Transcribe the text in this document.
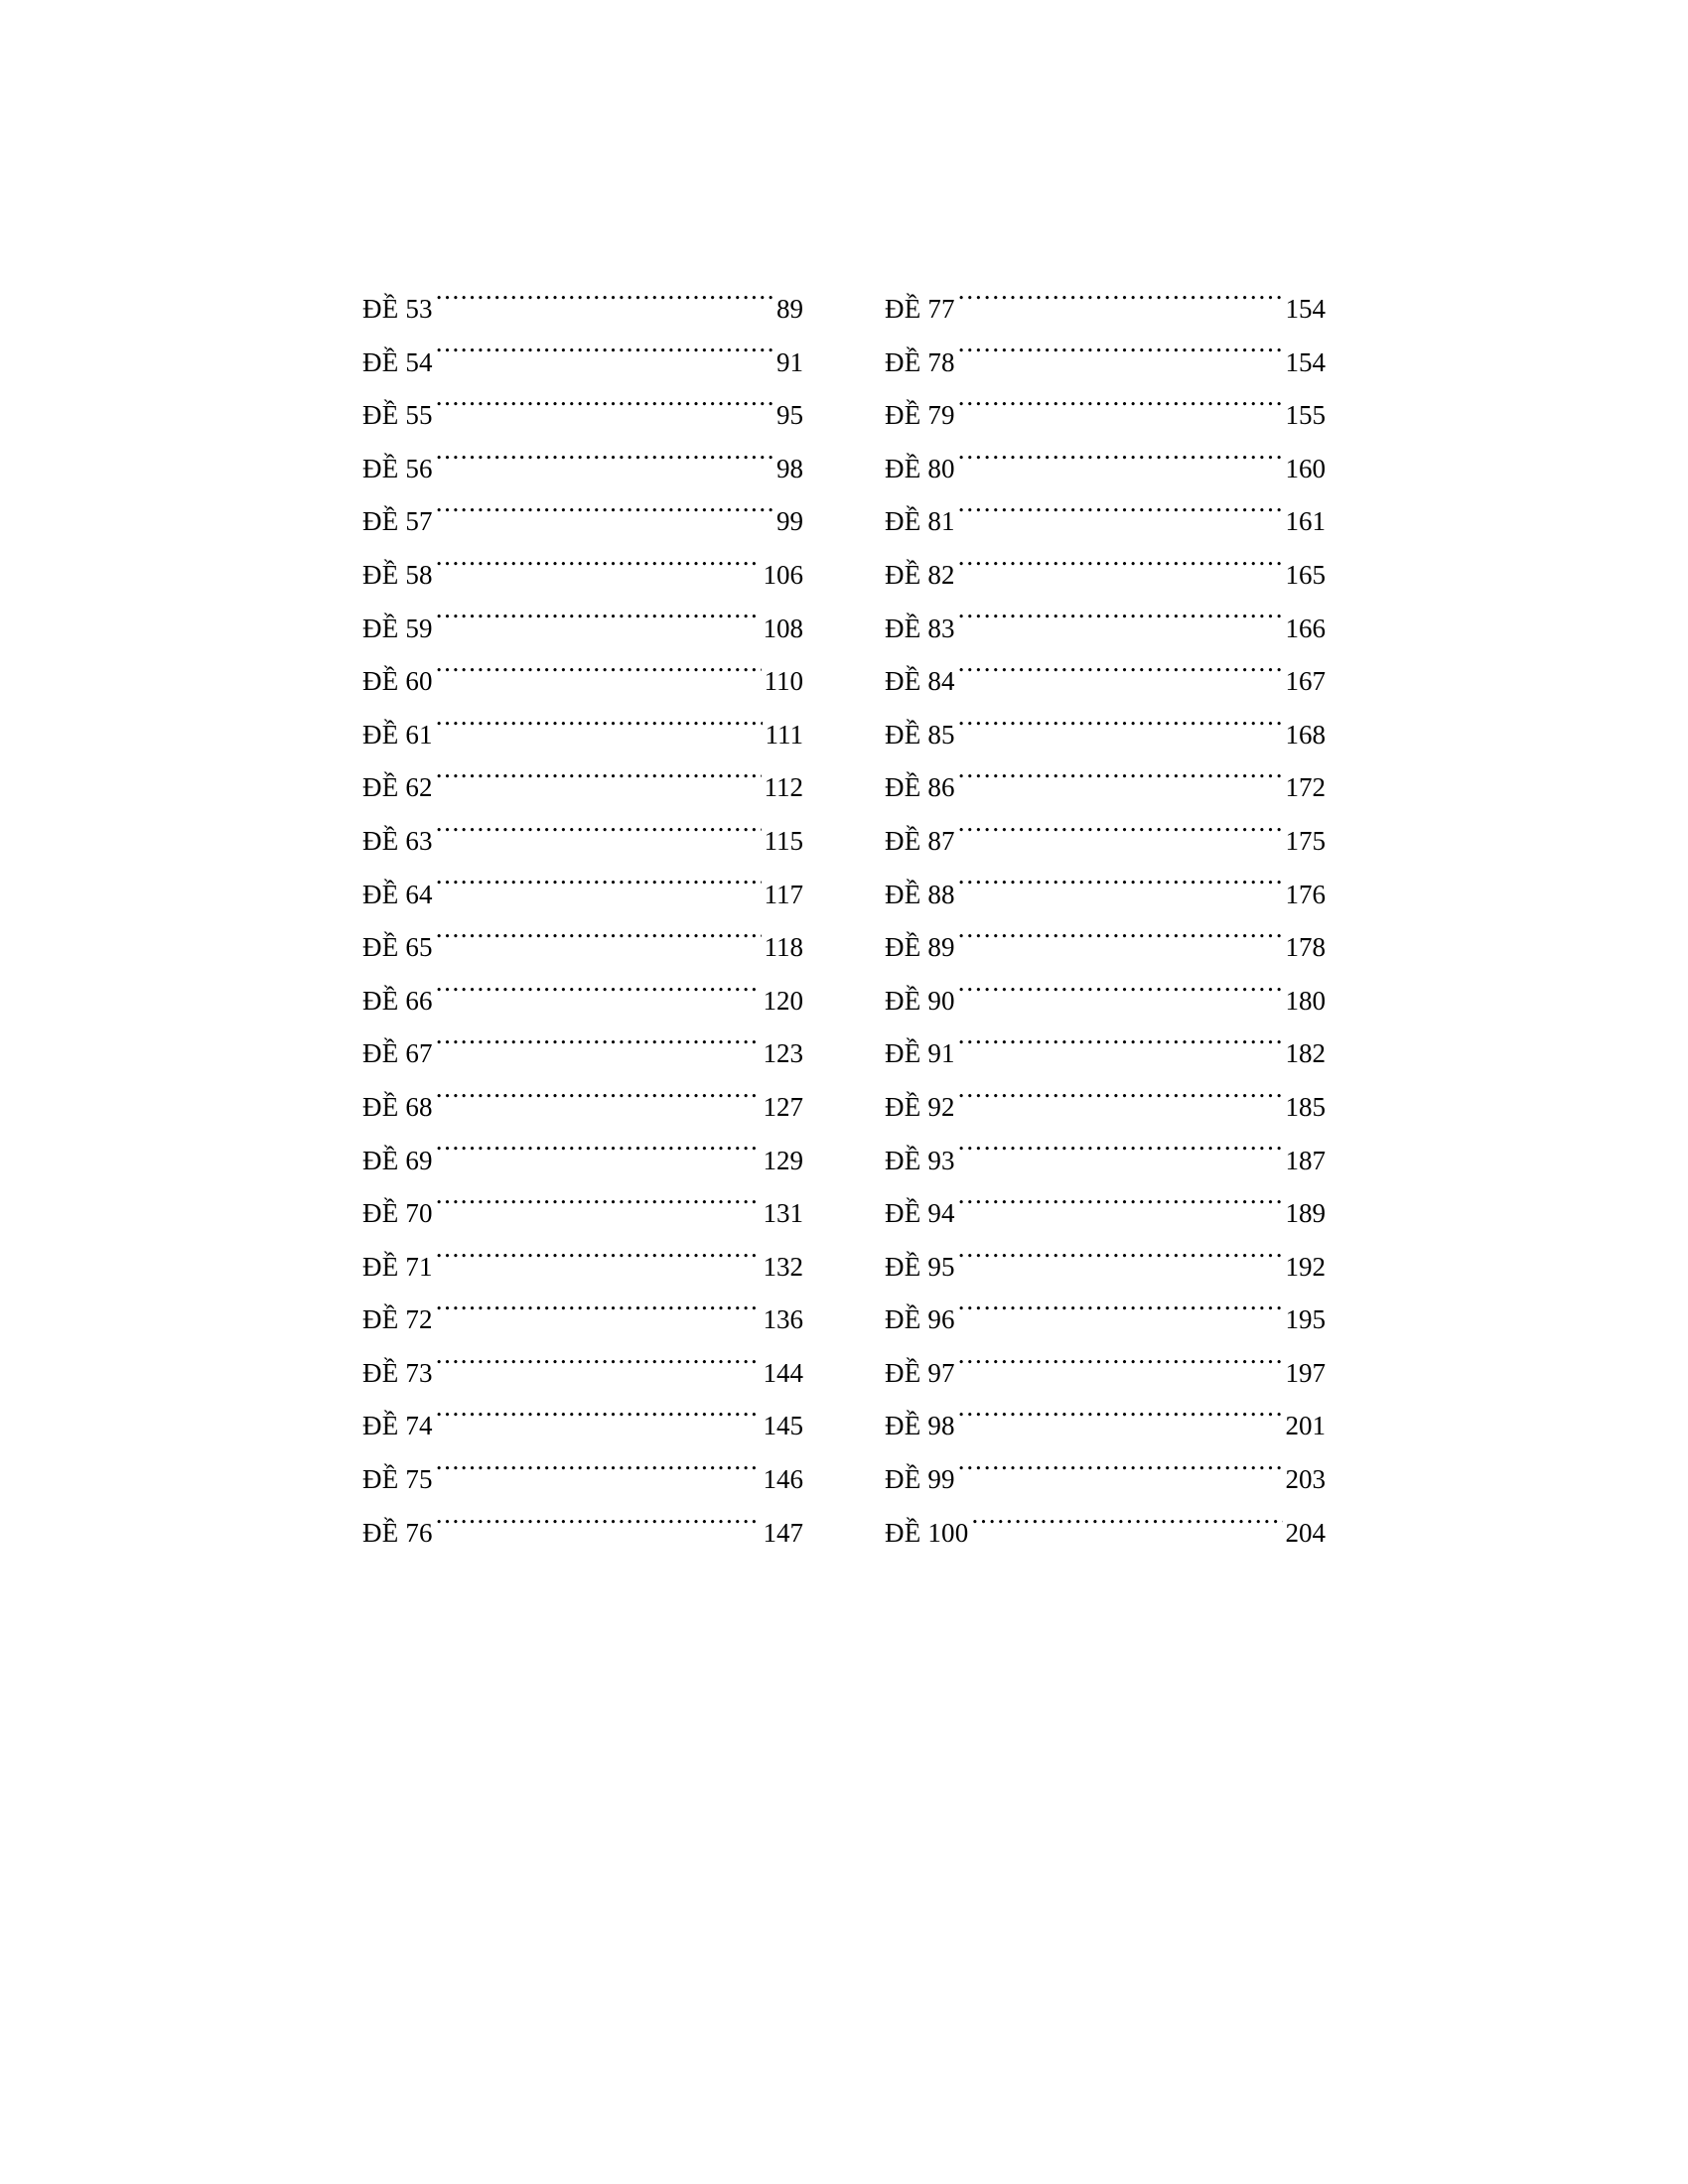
ĐỀ 53 .....	89
ĐỀ 54 .....	91
ĐỀ 55 .....	95
ĐỀ 56 .....	98
ĐỀ 57 .....	99
ĐỀ 58 .....	106
ĐỀ 59 .....	108
ĐỀ 60 .....	110
ĐỀ 61 .....	111
ĐỀ 62 .....	112
ĐỀ 63 .....	115
ĐỀ 64 .....	117
ĐỀ 65 .....	118
ĐỀ 66 .....	120
ĐỀ 67 .....	123
ĐỀ 68 .....	127
ĐỀ 69 .....	129
ĐỀ 70 .....	131
ĐỀ 71 .....	132
ĐỀ 72 .....	136
ĐỀ 73 .....	144
ĐỀ 74 .....	145
ĐỀ 75 .....	146
ĐỀ 76 .....	147
ĐỀ 77 .....	154
ĐỀ 78 .....	154
ĐỀ 79 .....	155
ĐỀ 80 .....	160
ĐỀ 81 .....	161
ĐỀ 82 .....	165
ĐỀ 83 .....	166
ĐỀ 84 .....	167
ĐỀ 85 .....	168
ĐỀ 86 .....	172
ĐỀ 87 .....	175
ĐỀ 88 .....	176
ĐỀ 89 .....	178
ĐỀ 90 .....	180
ĐỀ 91 .....	182
ĐỀ 92 .....	185
ĐỀ 93 .....	187
ĐỀ 94 .....	189
ĐỀ 95 .....	192
ĐỀ 96 .....	195
ĐỀ 97 .....	197
ĐỀ 98 .....	201
ĐỀ 99 .....	203
ĐỀ 100 .....	204
